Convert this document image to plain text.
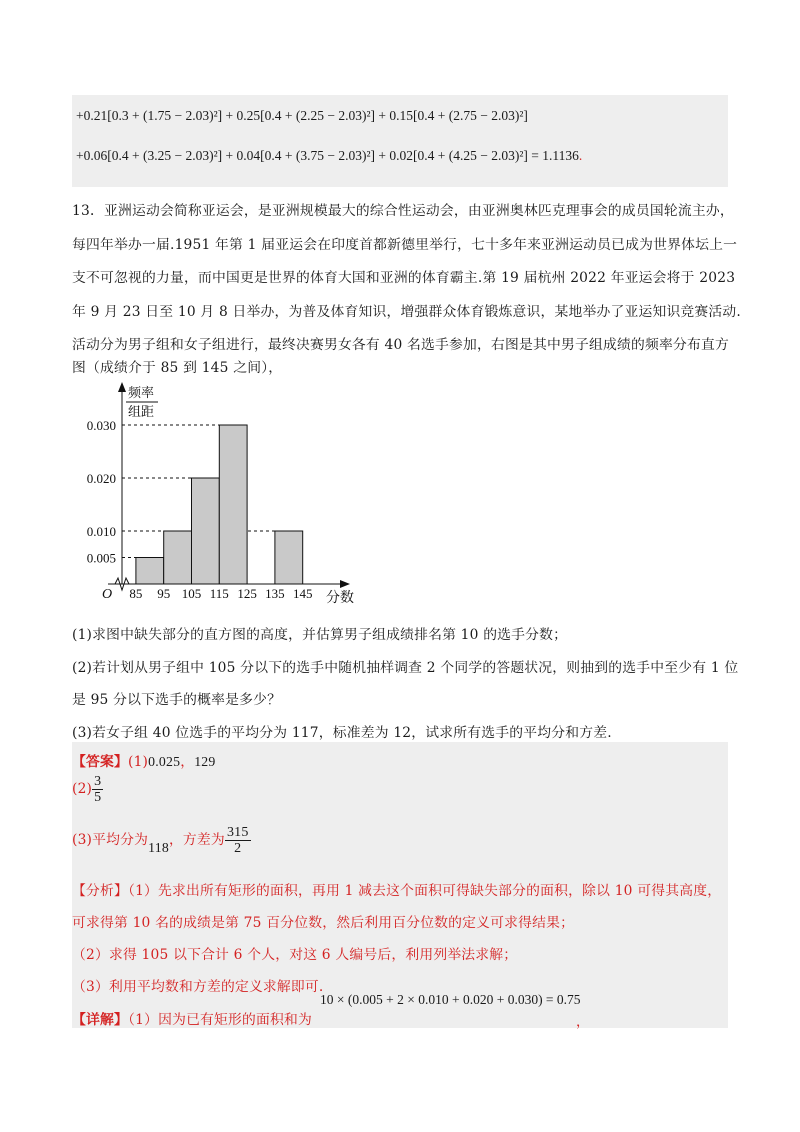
+0.21[0.3 + (1.75 − 2.03)²] + 0.25[0.4 + (2.25 − 2.03)²] + 0.15[0.4 + (2.75 − 2.03)²]
+0.06[0.4 + (3.25 − 2.03)²] + 0.04[0.4 + (3.75 − 2.03)²] + 0.02[0.4 + (4.25 − 2.03)²] = 1.1136.
13．亚洲运动会简称亚运会，是亚洲规模最大的综合性运动会，由亚洲奥林匹克理事会的成员国轮流主办，
每四年举办一届.1951 年第 1 届亚运会在印度首都新德里举行，七十多年来亚洲运动员已成为世界体坛上一
支不可忽视的力量，而中国更是世界的体育大国和亚洲的体育霸主.第 19 届杭州 2022 年亚运会将于 2023
年 9 月 23 日至 10 月 8 日举办，为普及体育知识，增强群众体育锻炼意识，某地举办了亚运知识竞赛活动.
活动分为男子组和女子组进行，最终决赛男女各有 40 名选手参加，右图是其中男子组成绩的频率分布直方
图（成绩介于 85 到 145 之间），
频率
组距
分数
O
0.005
0.010
0.020
0.030
85 95 105 115 125 135 145
(1)求图中缺失部分的直方图的高度，并估算男子组成绩排名第 10 的选手分数；
(2)若计划从男子组中 105 分以下的选手中随机抽样调查 2 个同学的答题状况，则抽到的选手中至少有 1 位
是 95 分以下选手的概率是多少？
(3)若女子组 40 位选手的平均分为 117，标准差为 12，试求所有选手的平均分和方差.
【答案】(1)0.025，129
$(2) \frac{3}{5}$
(3)平均分为118，方差为 $\frac{315}{2}$
【分析】（1）先求出所有矩形的面积，再用 1 减去这个面积可得缺失部分的面积，除以 10 可得其高度，
可求得第 10 名的成绩是第 75 百分位数，然后利用百分位数的定义可求得结果；
（2）求得 105 以下合计 6 个人，对这 6 人编号后，利用列举法求解；
（3）利用平均数和方差的定义求解即可.
10 × (0.005 + 2 × 0.010 + 0.020 + 0.030) = 0.75
【详解】（1）因为已有矩形的面积和为	，
